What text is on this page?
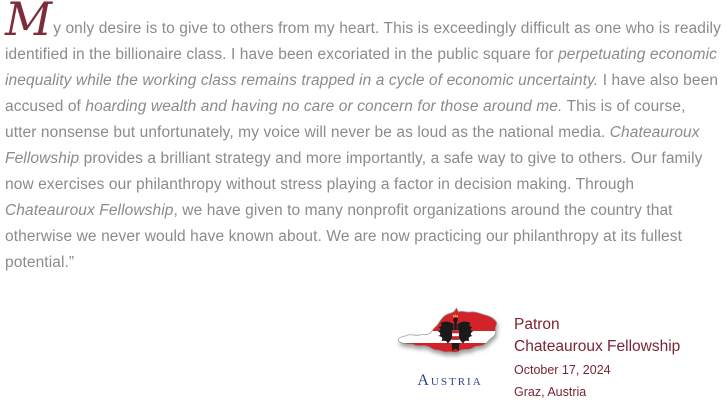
My only desire is to give to others from my heart. This is exceedingly difficult as one who is readily identified in the billionaire class. I have been excoriated in the public square for perpetuating economic inequality while the working class remains trapped in a cycle of economic uncertainty. I have also been accused of hoarding wealth and having no care or concern for those around me. This is of course, utter nonsense but unfortunately, my voice will never be as loud as the national media. Chateauroux Fellowship provides a brilliant strategy and more importantly, a safe way to give to others. Our family now exercises our philanthropy without stress playing a factor in decision making. Through Chateauroux Fellowship, we have given to many nonprofit organizations around the country that otherwise we never would have known about. We are now practicing our philanthropy at its fullest potential.”

Austria
Patron
Chateauroux Fellowship
October 17, 2024
Graz, Austria
